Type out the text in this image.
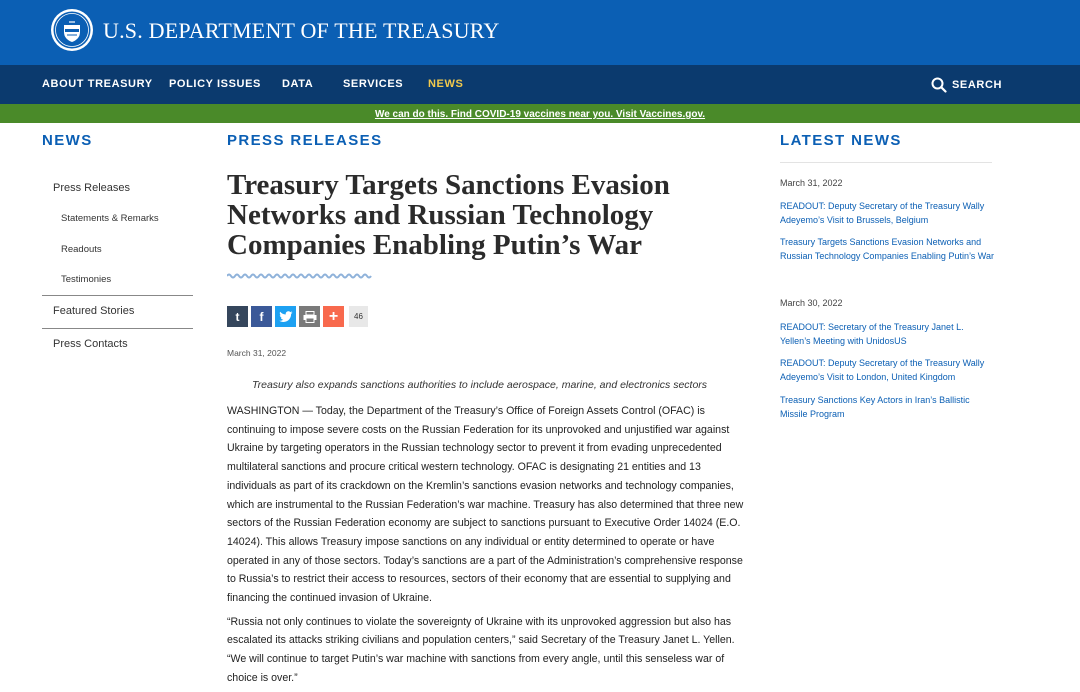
U.S. DEPARTMENT OF THE TREASURY
ABOUT TREASURY POLICY ISSUES DATA	SERVICES NEWS	SEARCH
We can do this. Find COVID-19 vaccines near you. Visit Vaccines.gov.
NEWS
Press Releases
Statements & Remarks
Readouts
Testimonies
Featured Stories
Press Contacts
PRESS RELEASES
Treasury Targets Sanctions Evasion Networks and Russian Technology Companies Enabling Putin’s War
t f	+	46
March 31, 2022
Treasury also expands sanctions authorities to include aerospace, marine, and electronics sectors

WASHINGTON — Today, the Department of the Treasury’s Office of Foreign Assets Control (OFAC) is continuing to impose severe costs on the Russian Federation for its unprovoked and unjustified war against Ukraine by targeting operators in the Russian technology sector to prevent it from evading unprecedented multilateral sanctions and procure critical western technology. OFAC is designating 21 entities and 13 individuals as part of its crackdown on the Kremlin’s sanctions evasion networks and technology companies, which are instrumental to the Russian Federation’s war machine. Treasury has also determined that three new sectors of the Russian Federation economy are subject to sanctions pursuant to Executive Order 14024 (E.O. 14024). This allows Treasury impose sanctions on any individual or entity determined to operate or have operated in any of those sectors. Today’s sanctions are a part of the Administration’s comprehensive response to Russia’s to restrict their access to resources, sectors of their economy that are essential to supplying and financing the continued invasion of Ukraine.

“Russia not only continues to violate the sovereignty of Ukraine with its unprovoked aggression but also has escalated its attacks striking civilians and population centers,” said Secretary of the Treasury Janet L. Yellen. “We will continue to target Putin’s war machine with sanctions from every angle, until this senseless war of choice is over.”

LATEST NEWS
March 31, 2022
READOUT: Deputy Secretary of the Treasury Wally Adeyemo’s Visit to Brussels, Belgium
Treasury Targets Sanctions Evasion Networks and Russian Technology Companies Enabling Putin’s War
March 30, 2022
READOUT: Secretary of the Treasury Janet L. Yellen’s Meeting with UnidosUS
READOUT: Deputy Secretary of the Treasury Wally Adeyemo’s Visit to London, United Kingdom
Treasury Sanctions Key Actors in Iran’s Ballistic Missile Program
